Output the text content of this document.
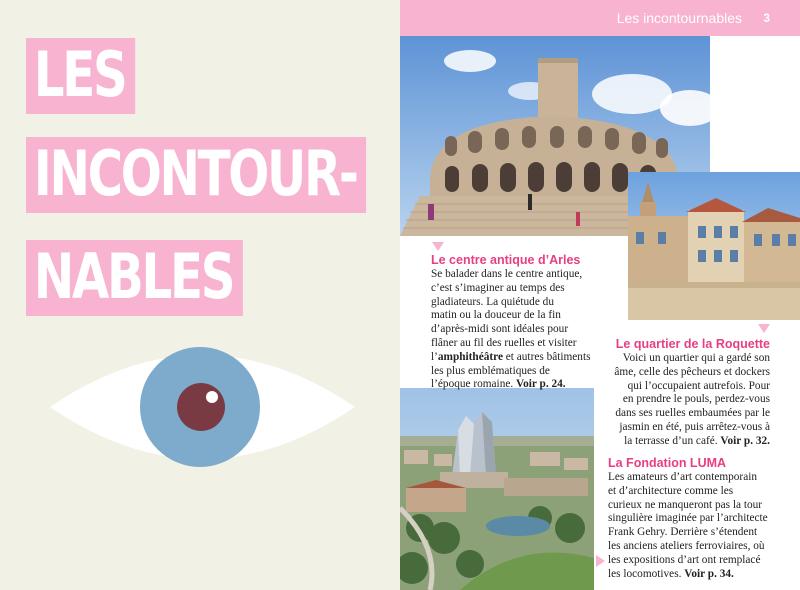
LES
INCONTOUR-
NABLES
Les incontournables 3
Le centre antique d’Arles
Se balader dans le centre antique,
c’est s’imaginer au temps des
gladiateurs. La quiétude du
matin ou la douceur de la fin
d’après-midi sont idéales pour
flâner au fil des ruelles et visiter
l’amphithéâtre et autres bâtiments
les plus emblématiques de
l’époque romaine. Voir p. 24.
Le quartier de la Roquette
Voici un quartier qui a gardé son
âme, celle des pêcheurs et dockers
qui l’occupaient autrefois. Pour
en prendre le pouls, perdez-vous
dans ses ruelles embaumées par le
jasmin en été, puis arrêtez-vous à
la terrasse d’un café. Voir p. 32.
La Fondation LUMA
Les amateurs d’art contemporain
et d’architecture comme les
curieux ne manqueront pas la tour
singulière imaginée par l’architecte
Frank Gehry. Derrière s’étendent
les anciens ateliers ferroviaires, où
les expositions d’art ont remplacé
les locomotives. Voir p. 34.
